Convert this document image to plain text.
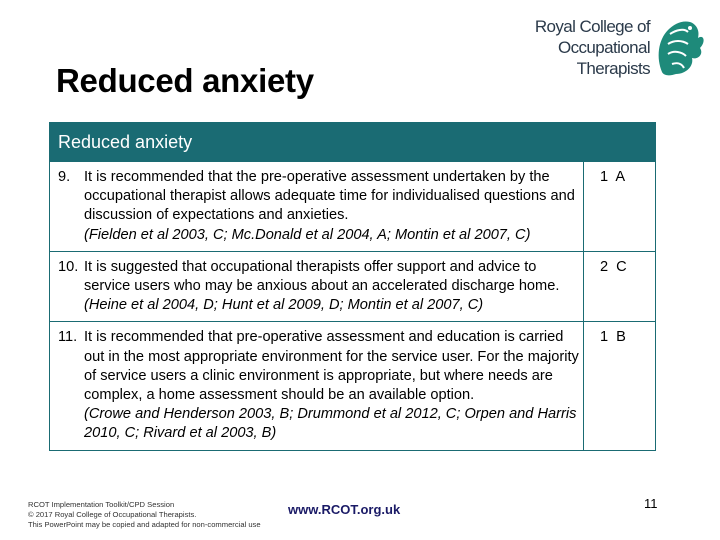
Reduced anxiety
Royal College of
Occupational
Therapists
Reduced anxiety	

9. It is recommended that the pre-operative assessment undertaken by the occupational therapist allows adequate time for individualised questions and discussion of expectations and anxieties.
(Fielden et al 2003, C; Mc.Donald et al 2004, A; Montin et al 2007, C)	1 A

10. It is suggested that occupational therapists offer support and advice to service users who may be anxious about an accelerated discharge home.
(Heine et al 2004, D; Hunt et al 2009, D; Montin et al 2007, C)	2 C

11. It is recommended that pre-operative assessment and education is carried out in the most appropriate environment for the service user. For the majority of service users a clinic environment is appropriate, but where needs are complex, a home assessment should be an available option.
(Crowe and Henderson 2003, B; Drummond et al 2012, C; Orpen and Harris 2010, C; Rivard et al 2003, B)	1 B
RCOT Implementation Toolkit/CPD Session
© 2017 Royal College of Occupational Therapists.
This PowerPoint may be copied and adapted for non-commercial use
www.RCOT.org.uk	11
